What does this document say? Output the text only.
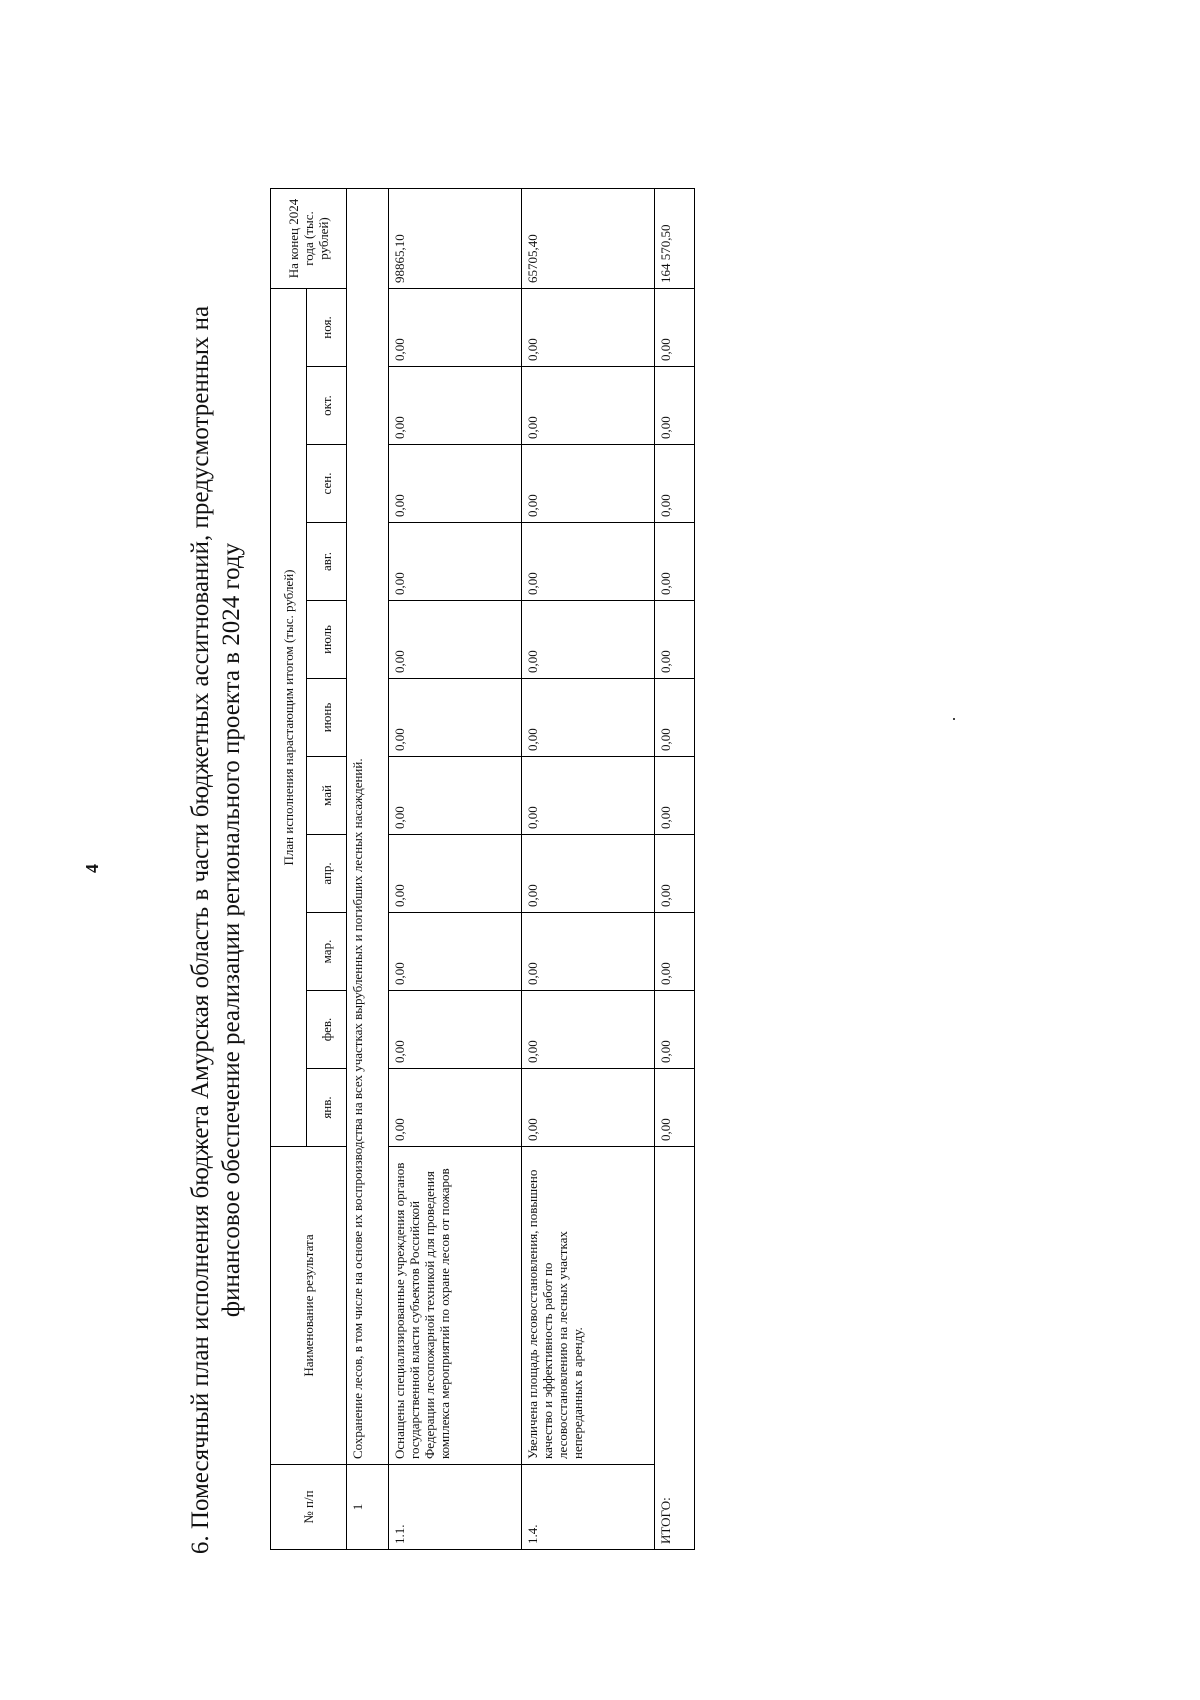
4	6. Помесячный план исполнения бюджета Амурская область в части бюджетных ассигнований, предусмотренных на финансовое обеспечение реализации регионального проекта в 2024 году
№ п/п	Наименование результата	План исполнения нарастающим итогом (тыс. рублей)											На конец 2024 года (тыс. рублей)
		янв.	фев.	мар.	апр.	май	июнь	июль	авг.	сен.	окт.	ноя.	
1	Сохранение лесов, в том числе на основе их воспроизводства на всех участках вырубленных и погибших лесных насаждений.												
1.1.	Оснащены специализированные учреждения органов государственной власти субъектов Российской Федерации лесопожарной техникой для проведения комплекса мероприятий по охране лесов от пожаров	0,00	0,00	0,00	0,00	0,00	0,00	0,00	0,00	0,00	0,00	0,00	98865,10
1.4.	Увеличена площадь лесовосстановления, повышено качество и эффективность работ по лесовосстановлению на лесных участках непереданных в аренду.	0,00	0,00	0,00	0,00	0,00	0,00	0,00	0,00	0,00	0,00	0,00	65705,40
ИТОГО:		0,00	0,00	0,00	0,00	0,00	0,00	0,00	0,00	0,00	0,00	0,00	164 570,50
